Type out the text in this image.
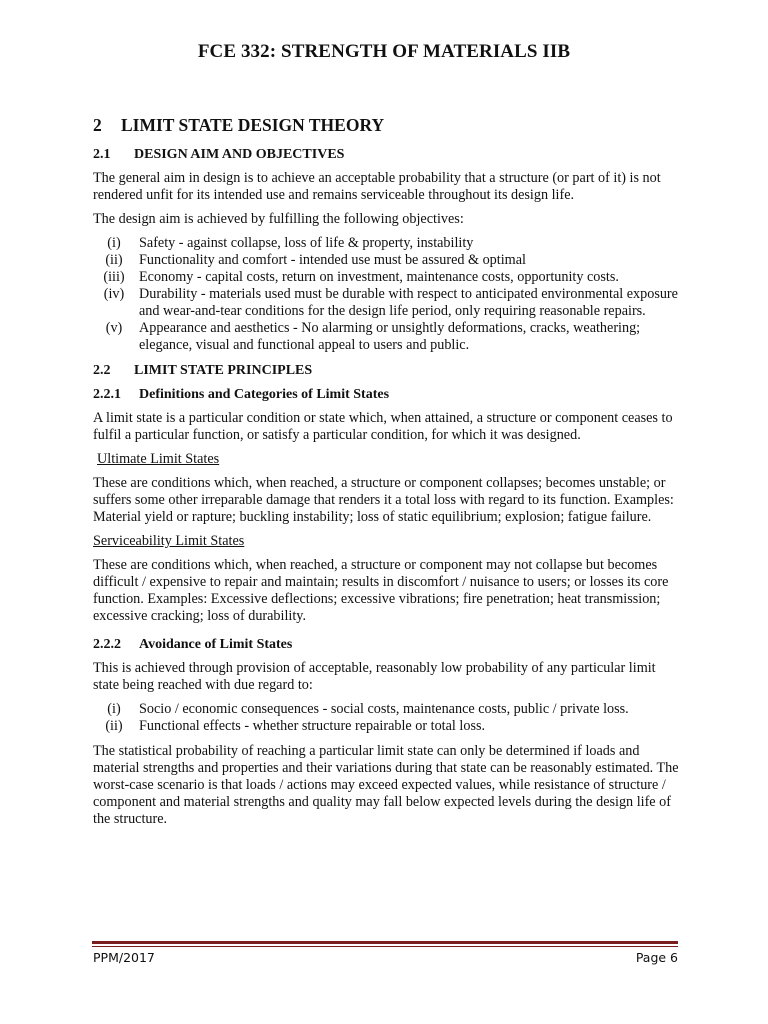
FCE 332: STRENGTH OF MATERIALS IIB
2 LIMIT STATE DESIGN THEORY
2.1 DESIGN AIM AND OBJECTIVES

The general aim in design is to achieve an acceptable probability that a structure (or part of it) is not rendered unfit for its intended use and remains serviceable throughout its design life.

The design aim is achieved by fulfilling the following objectives:

(i)	Safety - against collapse, loss of life & property, instability
(ii)	Functionality and comfort - intended use must be assured & optimal
(iii)	Economy - capital costs, return on investment, maintenance costs, opportunity costs.
(iv)	Durability - materials used must be durable with respect to anticipated environmental exposure and wear-and-tear conditions for the design life period, only requiring reasonable repairs.
(v)	Appearance and aesthetics - No alarming or unsightly deformations, cracks, weathering; elegance, visual and functional appeal to users and public.
2.2 LIMIT STATE PRINCIPLES
2.2.1 Definitions and Categories of Limit States

A limit state is a particular condition or state which, when attained, a structure or component ceases to fulfil a particular function, or satisfy a particular condition, for which it was designed.

Ultimate Limit States

These are conditions which, when reached, a structure or component collapses; becomes unstable; or suffers some other irreparable damage that renders it a total loss with regard to its function. Examples: Material yield or rapture; buckling instability; loss of static equilibrium; explosion; fatigue failure.

Serviceability Limit States

These are conditions which, when reached, a structure or component may not collapse but becomes difficult / expensive to repair and maintain; results in discomfort / nuisance to users; or losses its core function. Examples: Excessive deflections; excessive vibrations; fire penetration; heat transmission; excessive cracking; loss of durability.

2.2.2 Avoidance of Limit States

This is achieved through provision of acceptable, reasonably low probability of any particular limit state being reached with due regard to:

(i)	Socio / economic consequences - social costs, maintenance costs, public / private loss.
(ii)	Functional effects - whether structure repairable or total loss.

The statistical probability of reaching a particular limit state can only be determined if loads and material strengths and properties and their variations during that state can be reasonably estimated. The worst-case scenario is that loads / actions may exceed expected values, while resistance of structure / component and material strengths and quality may fall below expected levels during the design life of the structure.

PPM/2017	Page 6
